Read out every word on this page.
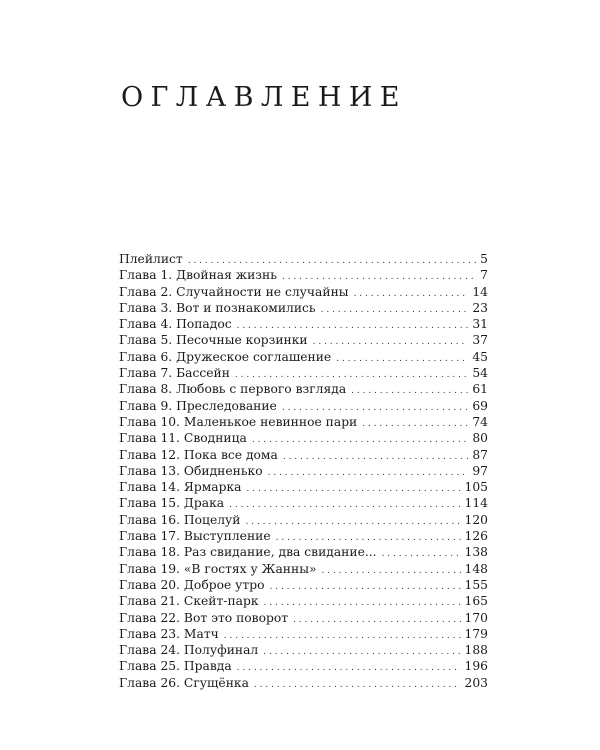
ОГЛАВЛЕНИЕ
Плейлист . . .	5
Глава 1. Двойная жизнь . . .	7
Глава 2. Случайности не случайны . . .	14
Глава 3. Вот и познакомились . . .	23
Глава 4. Попадос . . .	31
Глава 5. Песочные корзинки . . .	37
Глава 6. Дружеское соглашение . . .	45
Глава 7. Бассейн . . .	54
Глава 8. Любовь с первого взгляда . . .	61
Глава 9. Преследование . . .	69
Глава 10. Маленькое невинное пари . . .	74
Глава 11. Сводница . . .	80
Глава 12. Пока все дома . . .	87
Глава 13. Обидненько . . .	97
Глава 14. Ярмарка . . .	105
Глава 15. Драка . . .	114
Глава 16. Поцелуй . . .	120
Глава 17. Выступление . . .	126
Глава 18. Раз свидание, два свидание... . . .	138
Глава 19. «В гостях у Жанны» . . .	148
Глава 20. Доброе утро . . .	155
Глава 21. Скейт-парк . . .	165
Глава 22. Вот это поворот . . .	170
Глава 23. Матч . . .	179
Глава 24. Полуфинал . . .	188
Глава 25. Правда . . .	196
Глава 26. Сгущёнка . . .	203
